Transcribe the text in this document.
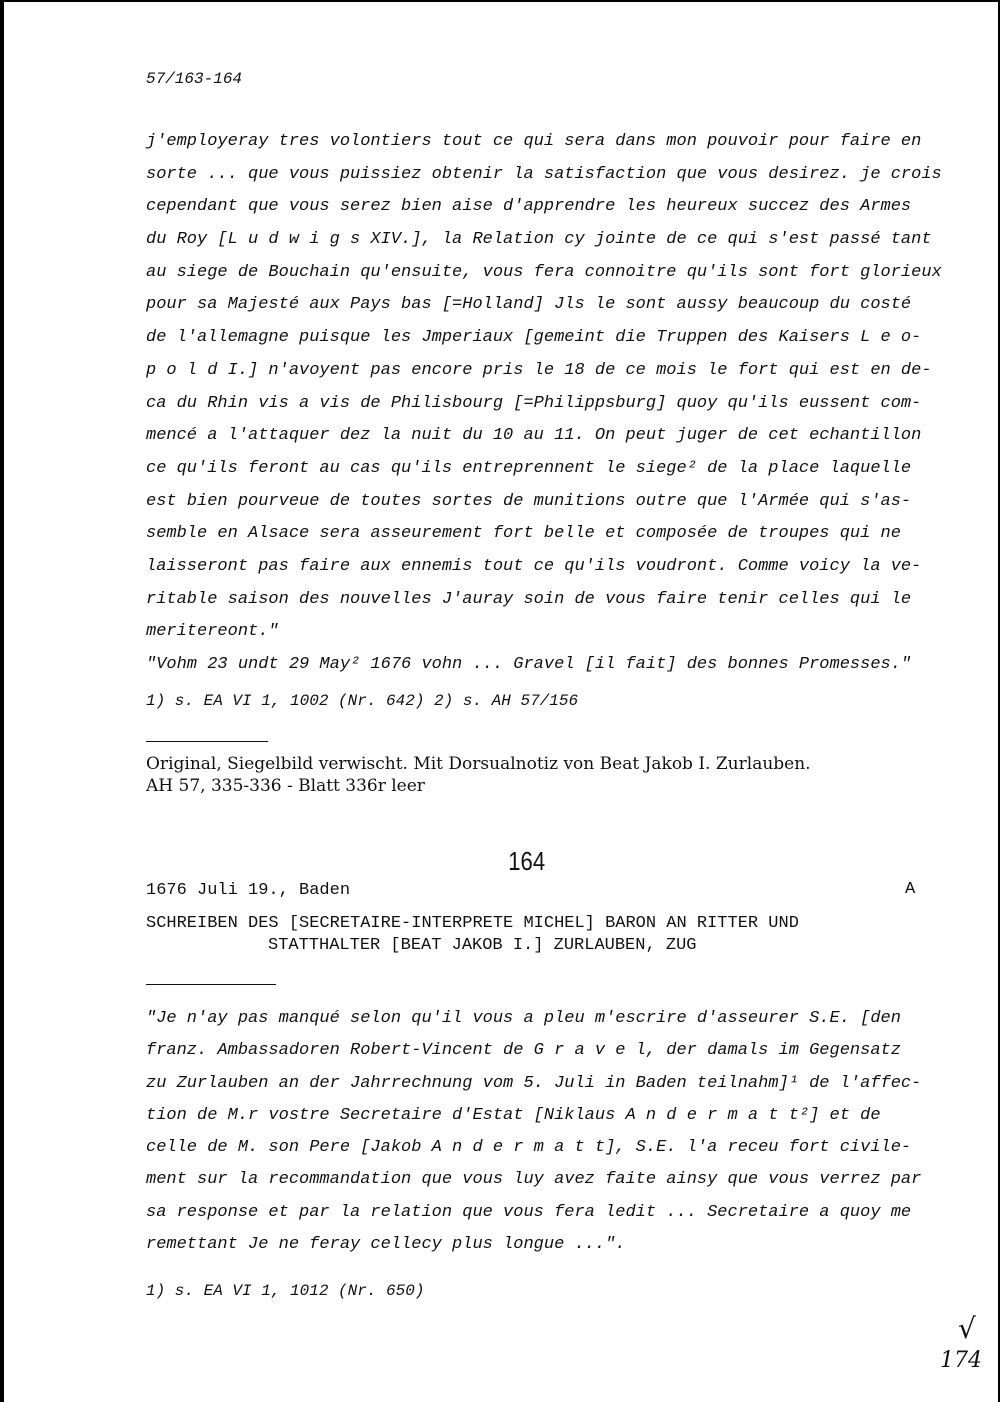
57/163-164
j'employeray tres volontiers tout ce qui sera dans mon pouvoir pour faire en
sorte ... que vous puissiez obtenir la satisfaction que vous desirez. je crois
cependant que vous serez bien aise d'apprendre les heureux succez des Armes
du Roy [L u d w i g s XIV.], la Relation cy jointe de ce qui s'est passé tant
au siege de Bouchain qu'ensuite, vous fera connoitre qu'ils sont fort glorieux
pour sa Majesté aux Pays bas [=Holland] Jls le sont aussy beaucoup du costé
de l'allemagne puisque les Jmperiaux [gemeint die Truppen des Kaisers L e o-
p o l d I.] n'avoyent pas encore pris le 18 de ce mois le fort qui est en de-
ca du Rhin vis a vis de Philisbourg [=Philippsburg] quoy qu'ils eussent com-
mencé a l'attaquer dez la nuit du 10 au 11. On peut juger de cet echantillon
ce qu'ils feront au cas qu'ils entreprennent le siege² de la place laquelle
est bien pourveue de toutes sortes de munitions outre que l'Armée qui s'as-
semble en Alsace sera asseurement fort belle et composée de troupes qui ne
laisseront pas faire aux ennemis tout ce qu'ils voudront. Comme voicy la ve-
ritable saison des nouvelles J'auray soin de vous faire tenir celles qui le
meritereont."
"Vohm 23 undt 29 May² 1676 vohn ... Gravel [il fait] des bonnes Promesses."
1) s. EA VI 1, 1002 (Nr. 642) 2) s. AH 57/156
Original, Siegelbild verwischt. Mit Dorsualnotiz von Beat Jakob I. Zurlauben.
AH 57, 335-336 - Blatt 336r leer
164
1676 Juli 19., Baden	A
SCHREIBEN DES [SECRETAIRE-INTERPRETE MICHEL] BARON AN RITTER UND
STATTHALTER [BEAT JAKOB I.] ZURLAUBEN, ZUG
"Je n'ay pas manqué selon qu'il vous a pleu m'escrire d'asseurer S.E. [den
franz. Ambassadoren Robert-Vincent de G r a v e l, der damals im Gegensatz
zu Zurlauben an der Jahrrechnung vom 5. Juli in Baden teilnahm]¹ de l'affec-
tion de M.r vostre Secretaire d'Estat [Niklaus A n d e r m a t t²] et de
celle de M. son Pere [Jakob A n d e r m a t t], S.E. l'a receu fort civile-
ment sur la recommandation que vous luy avez faite ainsy que vous verrez par
sa response et par la relation que vous fera ledit ... Secretaire a quoy me
remettant Je ne feray cellecy plus longue ...".
1) s. EA VI 1, 1012 (Nr. 650)
√
174
